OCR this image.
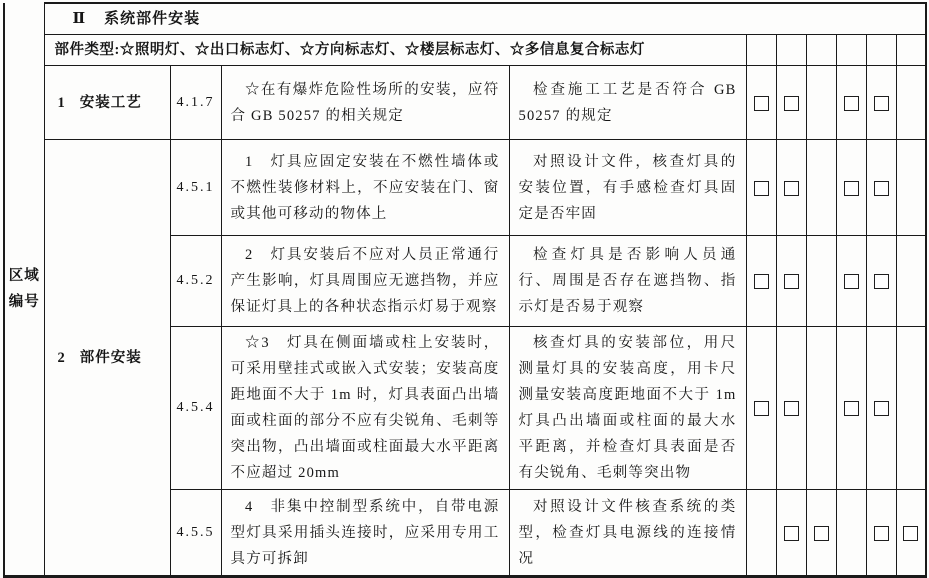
区域
编号	Ⅱ 系统部件安装									
	部件类型:☆照明灯、☆出口标志灯、☆方向标志灯、☆楼层标志灯、☆多信息复合标志灯									
	1 安装工艺	4.1.7	☆在有爆炸危险性场所的安装，应符合 GB 50257 的相关规定	检查施工工艺是否符合 GB 50257 的规定						

	2 部件安装	4.5.1	1　灯具应固定安装在不燃性墙体或不燃性装修材料上，不应安装在门、窗或其他可移动的物体上	对照设计文件，核查灯具的安装位置，有手感检查灯具固定是否牢固						

		4.5.2	2　灯具安装后不应对人员正常通行产生影响，灯具周围应无遮挡物，并应保证灯具上的各种状态指示灯易于观察	检查灯具是否影响人员通行、周围是否存在遮挡物、指示灯是否易于观察						

		4.5.4	☆3　灯具在侧面墙或柱上安装时，可采用壁挂式或嵌入式安装；安装高度距地面不大于 1m 时，灯具表面凸出墙面或柱面的部分不应有尖锐角、毛刺等突出物，凸出墙面或柱面最大水平距离不应超过 20mm	核查灯具的安装部位，用尺测量灯具的安装高度，用卡尺测量安装高度距地面不大于 1m 灯具凸出墙面或柱面的最大水平距离，并检查灯具表面是否有尖锐角、毛刺等突出物						

		4.5.5	4　非集中控制型系统中，自带电源型灯具采用插头连接时，应采用专用工具方可拆卸	对照设计文件核查系统的类型，检查灯具电源线的连接情况						
